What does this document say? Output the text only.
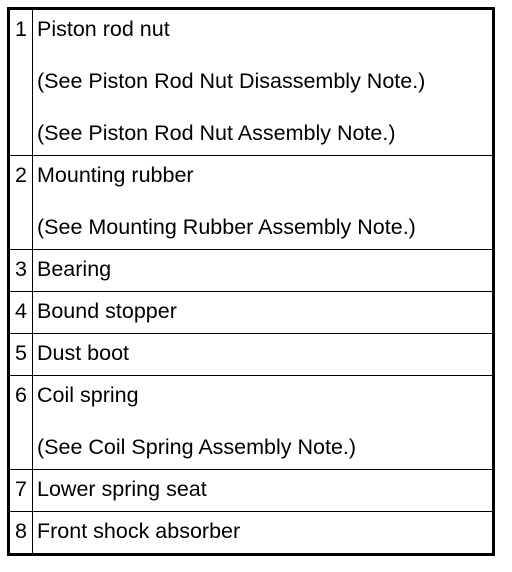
1	Piston rod nut
(See Piston Rod Nut Disassembly Note.)
(See Piston Rod Nut Assembly Note.)

2	Mounting rubber
(See Mounting Rubber Assembly Note.)

3	Bearing

4	Bound stopper

5	Dust boot

6	Coil spring
(See Coil Spring Assembly Note.)

7	Lower spring seat

8	Front shock absorber
